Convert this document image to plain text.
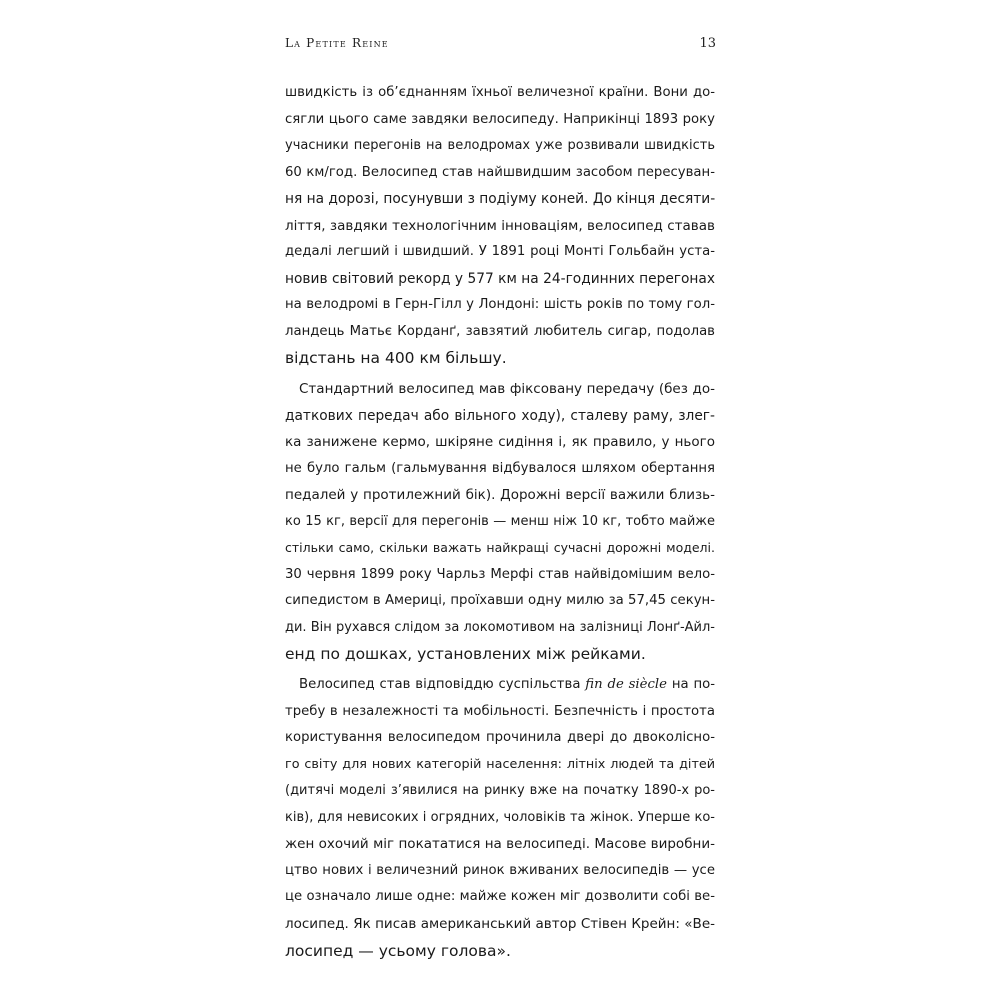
La Petite Reine	13
швидкість із об’єднанням їхньої величезної країни. Вони до-
сягли цього саме завдяки велосипеду. Наприкінці 1893 року
учасники перегонів на велодромах уже розвивали швидкість
60 км/год. Велосипед став найшвидшим засобом пересуван-
ня на дорозі, посунувши з подіуму коней. До кінця десяти-
ліття, завдяки технологічним інноваціям, велосипед ставав
дедалі легший і швидший. У 1891 році Монті Гольбайн уста-
новив світовий рекорд у 577 км на 24-годинних перегонах
на велодромі в Герн-Гілл у Лондоні: шість років по тому гол-
ландець Матьє Корданґ, завзятий любитель сигар, подолав
відстань на 400 км більшу.
Стандартний велосипед мав фіксовану передачу (без до-
даткових передач або вільного ходу), сталеву раму, злег-
ка занижене кермо, шкіряне сидіння і, як правило, у нього
не було гальм (гальмування відбувалося шляхом обертання
педалей у протилежний бік). Дорожні версії важили близь-
ко 15 кг, версії для перегонів — менш ніж 10 кг, тобто майже
стільки само, скільки важать найкращі сучасні дорожні моделі.
30 червня 1899 року Чарльз Мерфі став найвідомішим вело-
сипедистом в Америці, проїхавши одну милю за 57,45 секун-
ди. Він рухався слідом за локомотивом на залізниці Лонґ-Айл-
енд по дошках, установлених між рейками.
Велосипед став відповіддю суспільства fin de siècle на по-
требу в незалежності та мобільності. Безпечність і простота
користування велосипедом прочинила двері до двоколісно-
го світу для нових категорій населення: літніх людей та дітей
(дитячі моделі з’явилися на ринку вже на початку 1890-х ро-
ків), для невисоких і огрядних, чоловіків та жінок. Уперше ко-
жен охочий міг покататися на велосипеді. Масове виробни-
цтво нових і величезний ринок вживаних велосипедів — усе
це означало лише одне: майже кожен міг дозволити собі ве-
лосипед. Як писав американський автор Стівен Крейн: «Ве-
лосипед — усьому голова».
